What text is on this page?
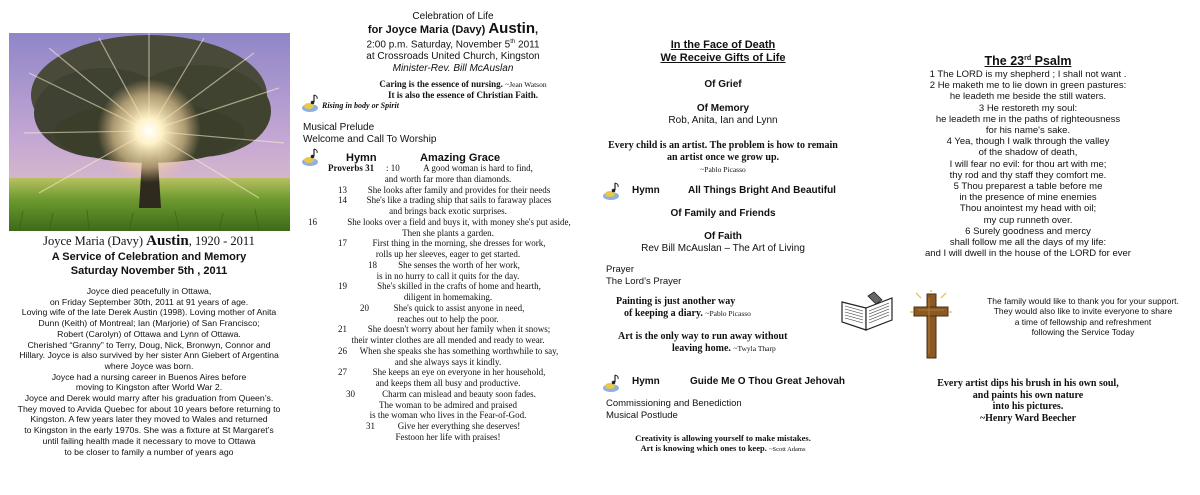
Joyce Maria (Davy) Austin, 1920 - 2011
A Service of Celebration and Memory
Saturday November 5th , 2011
Joyce died peacefully in Ottawa,
on Friday September 30th, 2011 at 91 years of age.
Loving wife of the late Derek Austin (1998). Loving mother of Anita
Dunn (Keith) of Montreal; Ian (Marjorie) of San Francisco;
Robert (Carolyn) of Ottawa and Lynn of Ottawa.
Cherished “Granny” to Terry, Doug, Nick, Bronwyn, Connor and
Hillary. Joyce is also survived by her sister Ann Giebert of Argentina
where Joyce was born.
Joyce had a nursing career in Buenos Aires before
moving to Kingston after World War 2.
Joyce and Derek would marry after his graduation from Queen’s.
They moved to Arvida Quebec for about 10 years before returning to
Kingston. A few years later they moved to Wales and returned
to Kingston in the early 1970s. She was a fixture at St Margaret’s
until failing health made it necessary to move to Ottawa
to be closer to family a number of years ago
Celebration of Life
for Joyce Maria (Davy) Austin,
2:00 p.m. Saturday, November 5th 2011
at Crossroads United Church, Kingston
Minister-Rev. Bill McAuslan
Caring is the essence of nursing. ~Jean Watson
It is also the essence of Christian Faith.
Rising in body or Spirit
Musical Prelude
Welcome and Call To Worship
Hymn	Amazing Grace
Proverbs 31 : 10	A good woman is hard to find,
and worth far more than diamonds.
13	She looks after family and provides for their needs
14	She's like a trading ship that sails to faraway places
and brings back exotic surprises.
16	She looks over a field and buys it, with money she's put aside,
Then she plants a garden.
17	First thing in the morning, she dresses for work,
rolls up her sleeves, eager to get started.
18	She senses the worth of her work,
is in no hurry to call it quits for the day.
19	She's skilled in the crafts of home and hearth,
diligent in homemaking.
20	She's quick to assist anyone in need,
reaches out to help the poor.
21	She doesn't worry about her family when it snows;
their winter clothes are all mended and ready to wear.
26	When she speaks she has something worthwhile to say,
and she always says it kindly.
27	She keeps an eye on everyone in her household,
and keeps them all busy and productive.
30	Charm can mislead and beauty soon fades.
The woman to be admired and praised
is the woman who lives in the Fear-of-God.
31	Give her everything she deserves!
Festoon her life with praises!
In the Face of Death
We Receive Gifts of Life
Of Grief
Of Memory
Rob, Anita, Ian and Lynn
Every child is an artist. The problem is how to remain
an artist once we grow up.
~Pablo Picasso
Hymn	All Things Bright And Beautiful
Of Family and Friends
Of Faith
Rev Bill McAuslan – The Art of Living
Prayer
The Lord’s Prayer
Painting is just another way
of keeping a diary. ~Pablo Picasso
Art is the only way to run away without
leaving home. ~Twyla Tharp
Hymn	Guide Me O Thou Great Jehovah
Commissioning and Benediction
Musical Postlude
Creativity is allowing yourself to make mistakes.
Art is knowing which ones to keep. ~Scott Adams
The 23rd Psalm
1 The LORD is my shepherd ; I shall not want .
2 He maketh me to lie down in green pastures:
he leadeth me beside the still waters.
3 He restoreth my soul:
he leadeth me in the paths of righteousness
for his name's sake.
4 Yea, though I walk through the valley
of the shadow of death,
I will fear no evil: for thou art with me;
thy rod and thy staff they comfort me.
5 Thou preparest a table before me
in the presence of mine enemies
Thou anointest my head with oil;
my cup runneth over.
6 Surely goodness and mercy
shall follow me all the days of my life:
and I will dwell in the house of the LORD for ever
The family would like to thank you for your support.
They would also like to invite everyone to share
a time of fellowship and refreshment
following the Service Today
Every artist dips his brush in his own soul,
and paints his own nature
into his pictures.
~Henry Ward Beecher
